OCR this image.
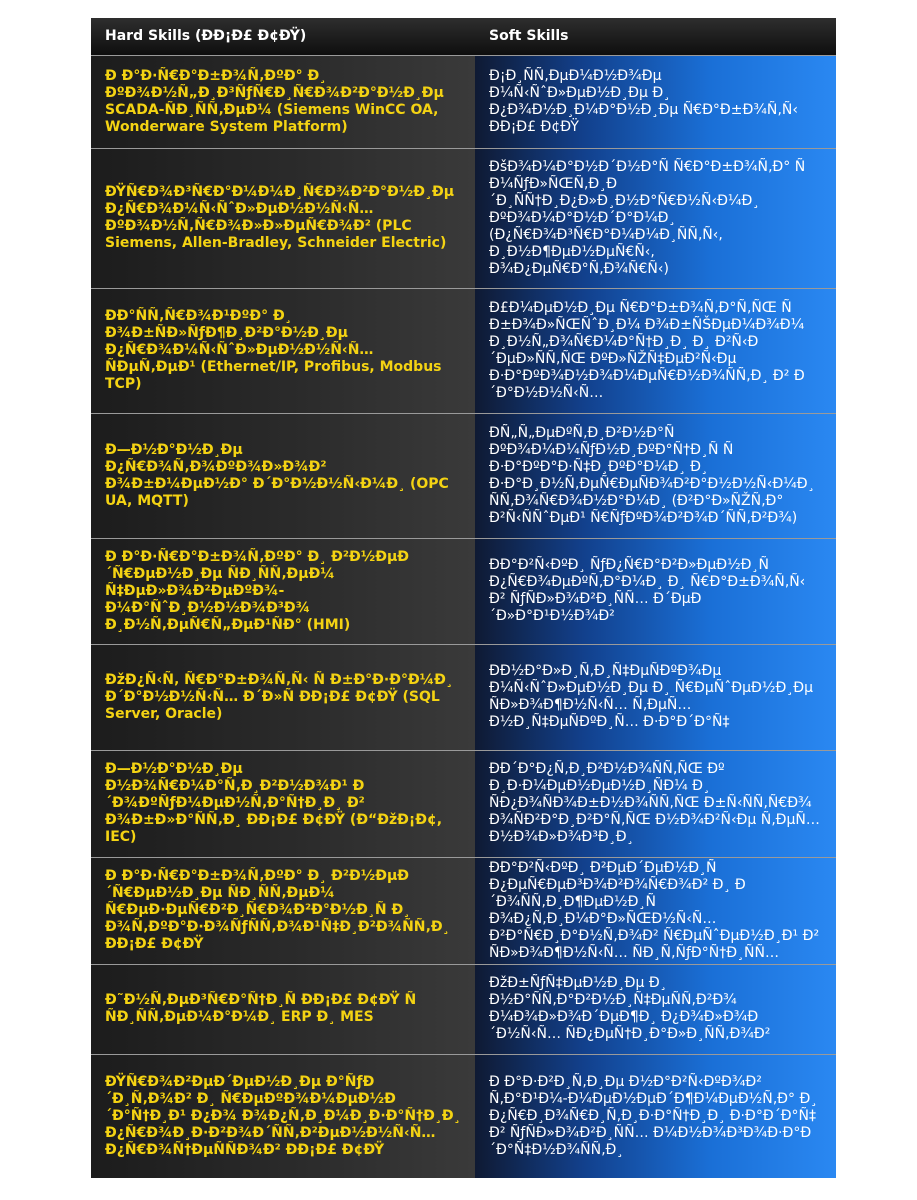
Hard Skills (ÐÐ¡Ð£ Ð¢ÐŸ)	Soft Skills
Ð Ð°Ð·Ñ€Ð°Ð±Ð¾Ñ‚ÐºÐ° Ð¸ ÐºÐ¾Ð½Ñ„Ð¸Ð³ÑƒÑ€Ð¸Ñ€Ð¾Ð²Ð°Ð½Ð¸Ðµ SCADA-ÑÐ¸ÑÑ‚ÐµÐ¼ (Siemens WinCC OA, Wonderware System Platform)	Ð¡Ð¸ÑÑ‚ÐµÐ¼Ð½Ð¾Ðµ Ð¼Ñ‹ÑˆÐ»ÐµÐ½Ð¸Ðµ Ð¸ Ð¿Ð¾Ð½Ð¸Ð¼Ð°Ð½Ð¸Ðµ Ñ€Ð°Ð±Ð¾Ñ‚Ñ‹ ÐÐ¡Ð£ Ð¢ÐŸ
ÐŸÑ€Ð¾Ð³Ñ€Ð°Ð¼Ð¼Ð¸Ñ€Ð¾Ð²Ð°Ð½Ð¸Ðµ Ð¿Ñ€Ð¾Ð¼Ñ‹ÑˆÐ»ÐµÐ½Ð½Ñ‹Ñ… ÐºÐ¾Ð½Ñ‚Ñ€Ð¾Ð»Ð»ÐµÑ€Ð¾Ð² (PLC Siemens, Allen-Bradley, Schneider Electric)	ÐšÐ¾Ð¼Ð°Ð½Ð´Ð½Ð°Ñ Ñ€Ð°Ð±Ð¾Ñ‚Ð° Ñ Ð¼ÑƒÐ»ÑŒÑ‚Ð¸Ð´Ð¸ÑÑ†Ð¸Ð¿Ð»Ð¸Ð½Ð°Ñ€Ð½Ñ‹Ð¼Ð¸ ÐºÐ¾Ð¼Ð°Ð½Ð´Ð°Ð¼Ð¸ (Ð¿Ñ€Ð¾Ð³Ñ€Ð°Ð¼Ð¼Ð¸ÑÑ‚Ñ‹, Ð¸Ð½Ð¶ÐµÐ½ÐµÑ€Ñ‹, Ð¾Ð¿ÐµÑ€Ð°Ñ‚Ð¾Ñ€Ñ‹)
ÐÐ°ÑÑ‚Ñ€Ð¾Ð¹ÐºÐ° Ð¸ Ð¾Ð±ÑÐ»ÑƒÐ¶Ð¸Ð²Ð°Ð½Ð¸Ðµ Ð¿Ñ€Ð¾Ð¼Ñ‹ÑˆÐ»ÐµÐ½Ð½Ñ‹Ñ… ÑÐµÑ‚ÐµÐ¹ (Ethernet/IP, Profibus, Modbus TCP)	Ð£Ð¼ÐµÐ½Ð¸Ðµ Ñ€Ð°Ð±Ð¾Ñ‚Ð°Ñ‚ÑŒ Ñ Ð±Ð¾Ð»ÑŒÑˆÐ¸Ð¼ Ð¾Ð±ÑŠÐµÐ¼Ð¾Ð¼ Ð¸Ð½Ñ„Ð¾Ñ€Ð¼Ð°Ñ†Ð¸Ð¸ Ð¸ Ð²Ñ‹Ð´ÐµÐ»ÑÑ‚ÑŒ ÐºÐ»ÑŽÑ‡ÐµÐ²Ñ‹Ðµ Ð·Ð°ÐºÐ¾Ð½Ð¾Ð¼ÐµÑ€Ð½Ð¾ÑÑ‚Ð¸ Ð² Ð´Ð°Ð½Ð½Ñ‹Ñ…
Ð—Ð½Ð°Ð½Ð¸Ðµ Ð¿Ñ€Ð¾Ñ‚Ð¾ÐºÐ¾Ð»Ð¾Ð² Ð¾Ð±Ð¼ÐµÐ½Ð° Ð´Ð°Ð½Ð½Ñ‹Ð¼Ð¸ (OPC UA, MQTT)	ÐÑ„Ñ„ÐµÐºÑ‚Ð¸Ð²Ð½Ð°Ñ ÐºÐ¾Ð¼Ð¼ÑƒÐ½Ð¸ÐºÐ°Ñ†Ð¸Ñ Ñ Ð·Ð°ÐºÐ°Ð·Ñ‡Ð¸ÐºÐ°Ð¼Ð¸ Ð¸ Ð·Ð°Ð¸Ð½Ñ‚ÐµÑ€ÐµÑÐ¾Ð²Ð°Ð½Ð½Ñ‹Ð¼Ð¸ ÑÑ‚Ð¾Ñ€Ð¾Ð½Ð°Ð¼Ð¸ (Ð²Ð°Ð»ÑŽÑ‚Ð° Ð²Ñ‹ÑÑˆÐµÐ¹ Ñ€ÑƒÐºÐ¾Ð²Ð¾Ð´ÑÑ‚Ð²Ð¾)
Ð Ð°Ð·Ñ€Ð°Ð±Ð¾Ñ‚ÐºÐ° Ð¸ Ð²Ð½ÐµÐ´Ñ€ÐµÐ½Ð¸Ðµ ÑÐ¸ÑÑ‚ÐµÐ¼ Ñ‡ÐµÐ»Ð¾Ð²ÐµÐºÐ¾-Ð¼Ð°ÑˆÐ¸Ð½Ð½Ð¾Ð³Ð¾ Ð¸Ð½Ñ‚ÐµÑ€Ñ„ÐµÐ¹ÑÐ° (HMI)	ÐÐ°Ð²Ñ‹ÐºÐ¸ ÑƒÐ¿Ñ€Ð°Ð²Ð»ÐµÐ½Ð¸Ñ Ð¿Ñ€Ð¾ÐµÐºÑ‚Ð°Ð¼Ð¸ Ð¸ Ñ€Ð°Ð±Ð¾Ñ‚Ñ‹ Ð² ÑƒÑÐ»Ð¾Ð²Ð¸ÑÑ… Ð´ÐµÐ´Ð»Ð°Ð¹Ð½Ð¾Ð²
ÐžÐ¿Ñ‹Ñ‚ Ñ€Ð°Ð±Ð¾Ñ‚Ñ‹ Ñ Ð±Ð°Ð·Ð°Ð¼Ð¸ Ð´Ð°Ð½Ð½Ñ‹Ñ… Ð´Ð»Ñ ÐÐ¡Ð£ Ð¢ÐŸ (SQL Server, Oracle)	ÐÐ½Ð°Ð»Ð¸Ñ‚Ð¸Ñ‡ÐµÑÐºÐ¾Ðµ Ð¼Ñ‹ÑˆÐ»ÐµÐ½Ð¸Ðµ Ð¸ Ñ€ÐµÑˆÐµÐ½Ð¸Ðµ ÑÐ»Ð¾Ð¶Ð½Ñ‹Ñ… Ñ‚ÐµÑ…Ð½Ð¸Ñ‡ÐµÑÐºÐ¸Ñ… Ð·Ð°Ð´Ð°Ñ‡
Ð—Ð½Ð°Ð½Ð¸Ðµ Ð½Ð¾Ñ€Ð¼Ð°Ñ‚Ð¸Ð²Ð½Ð¾Ð¹ Ð´Ð¾ÐºÑƒÐ¼ÐµÐ½Ñ‚Ð°Ñ†Ð¸Ð¸ Ð² Ð¾Ð±Ð»Ð°ÑÑ‚Ð¸ ÐÐ¡Ð£ Ð¢ÐŸ (Ð“ÐžÐ¡Ð¢, IEC)	ÐÐ´Ð°Ð¿Ñ‚Ð¸Ð²Ð½Ð¾ÑÑ‚ÑŒ Ðº Ð¸Ð·Ð¼ÐµÐ½ÐµÐ½Ð¸ÑÐ¼ Ð¸ ÑÐ¿Ð¾ÑÐ¾Ð±Ð½Ð¾ÑÑ‚ÑŒ Ð±Ñ‹ÑÑ‚Ñ€Ð¾ Ð¾ÑÐ²Ð°Ð¸Ð²Ð°Ñ‚ÑŒ Ð½Ð¾Ð²Ñ‹Ðµ Ñ‚ÐµÑ…Ð½Ð¾Ð»Ð¾Ð³Ð¸Ð¸
Ð Ð°Ð·Ñ€Ð°Ð±Ð¾Ñ‚ÐºÐ° Ð¸ Ð²Ð½ÐµÐ´Ñ€ÐµÐ½Ð¸Ðµ ÑÐ¸ÑÑ‚ÐµÐ¼ Ñ€ÐµÐ·ÐµÑ€Ð²Ð¸Ñ€Ð¾Ð²Ð°Ð½Ð¸Ñ Ð¸ Ð¾Ñ‚ÐºÐ°Ð·Ð¾ÑƒÑÑ‚Ð¾Ð¹Ñ‡Ð¸Ð²Ð¾ÑÑ‚Ð¸ ÐÐ¡Ð£ Ð¢ÐŸ	ÐÐ°Ð²Ñ‹ÐºÐ¸ Ð²ÐµÐ´ÐµÐ½Ð¸Ñ Ð¿ÐµÑ€ÐµÐ³Ð¾Ð²Ð¾Ñ€Ð¾Ð² Ð¸ Ð´Ð¾ÑÑ‚Ð¸Ð¶ÐµÐ½Ð¸Ñ Ð¾Ð¿Ñ‚Ð¸Ð¼Ð°Ð»ÑŒÐ½Ñ‹Ñ… Ð²Ð°Ñ€Ð¸Ð°Ð½Ñ‚Ð¾Ð² Ñ€ÐµÑˆÐµÐ½Ð¸Ð¹ Ð² ÑÐ»Ð¾Ð¶Ð½Ñ‹Ñ… ÑÐ¸Ñ‚ÑƒÐ°Ñ†Ð¸ÑÑ…
Ð˜Ð½Ñ‚ÐµÐ³Ñ€Ð°Ñ†Ð¸Ñ ÐÐ¡Ð£ Ð¢ÐŸ Ñ ÑÐ¸ÑÑ‚ÐµÐ¼Ð°Ð¼Ð¸ ERP Ð¸ MES	ÐžÐ±ÑƒÑ‡ÐµÐ½Ð¸Ðµ Ð¸ Ð½Ð°ÑÑ‚Ð°Ð²Ð½Ð¸Ñ‡ÐµÑÑ‚Ð²Ð¾ Ð¼Ð¾Ð»Ð¾Ð´ÐµÐ¶Ð¸ Ð¿Ð¾Ð»Ð¾Ð´Ð½Ñ‹Ñ… ÑÐ¿ÐµÑ†Ð¸Ð°Ð»Ð¸ÑÑ‚Ð¾Ð²
ÐŸÑ€Ð¾Ð²ÐµÐ´ÐµÐ½Ð¸Ðµ Ð°ÑƒÐ´Ð¸Ñ‚Ð¾Ð² Ð¸ Ñ€ÐµÐºÐ¾Ð¼ÐµÐ½Ð´Ð°Ñ†Ð¸Ð¹ Ð¿Ð¾ Ð¾Ð¿Ñ‚Ð¸Ð¼Ð¸Ð·Ð°Ñ†Ð¸Ð¸ Ð¿Ñ€Ð¾Ð¸Ð·Ð²Ð¾Ð´ÑÑ‚Ð²ÐµÐ½Ð½Ñ‹Ñ… Ð¿Ñ€Ð¾Ñ†ÐµÑÑÐ¾Ð² ÐÐ¡Ð£ Ð¢ÐŸ	Ð Ð°Ð·Ð²Ð¸Ñ‚Ð¸Ðµ Ð½Ð°Ð²Ñ‹ÐºÐ¾Ð² Ñ‚Ð°Ð¹Ð¼-Ð¼ÐµÐ½ÐµÐ´Ð¶Ð¼ÐµÐ½Ñ‚Ð° Ð¸ Ð¿Ñ€Ð¸Ð¾Ñ€Ð¸Ñ‚Ð¸Ð·Ð°Ñ†Ð¸Ð¸ Ð·Ð°Ð´Ð°Ñ‡ Ð² ÑƒÑÐ»Ð¾Ð²Ð¸ÑÑ… Ð¼Ð½Ð¾Ð³Ð¾Ð·Ð°Ð´Ð°Ñ‡Ð½Ð¾ÑÑ‚Ð¸
